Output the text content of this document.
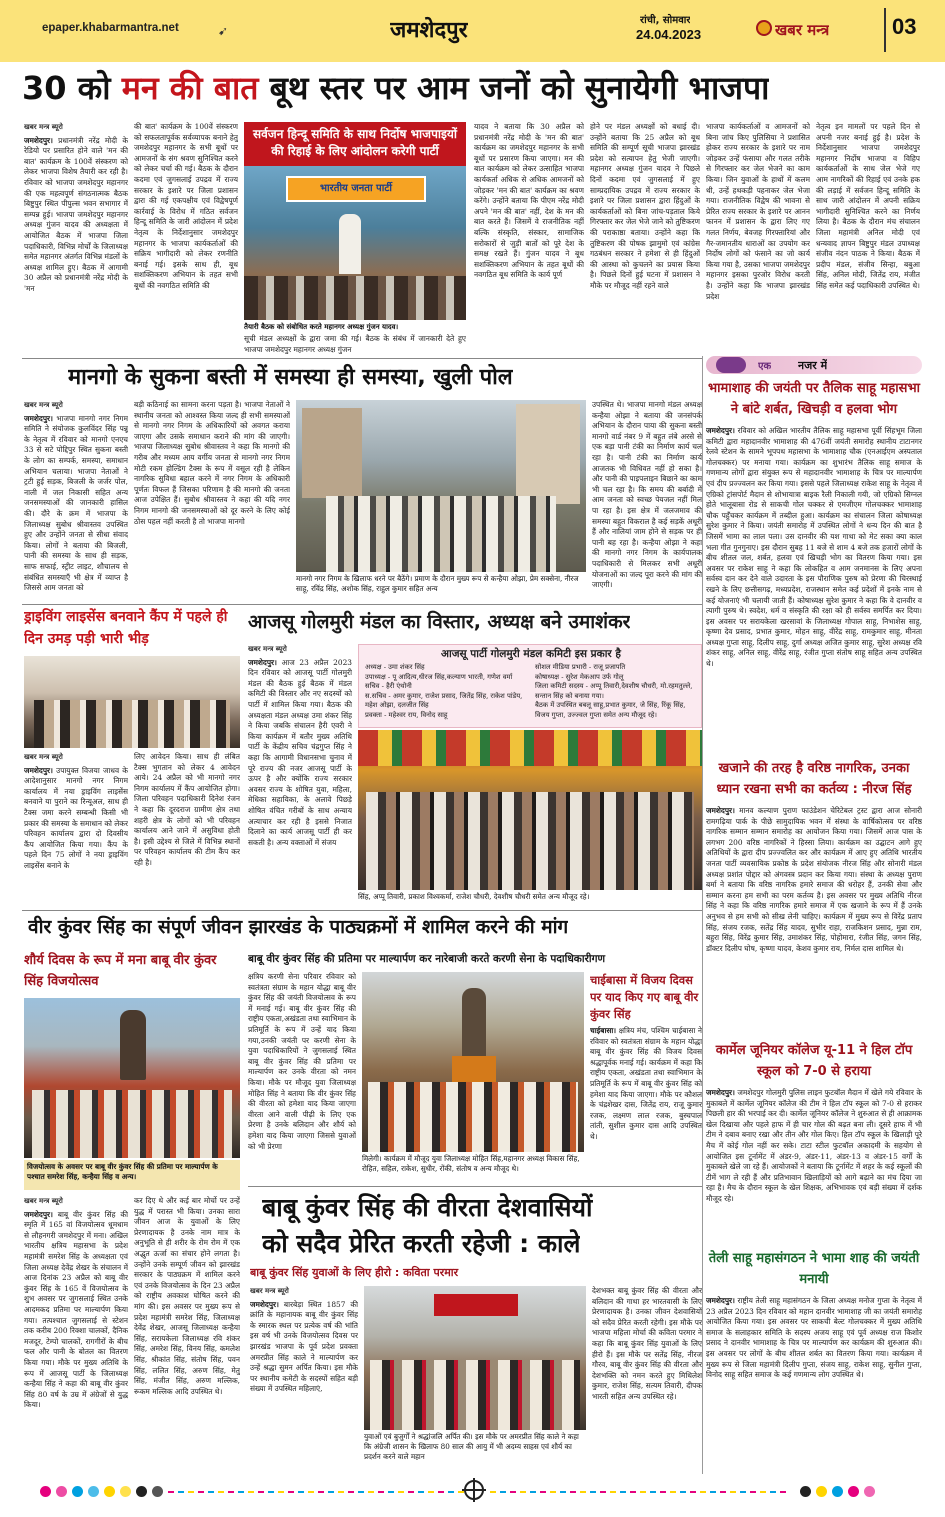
epaper.khabarmantra.net	➹	जमशेदपुर	रांची, सोमवार
24.04.2023	खबर मन्त्र	03
30 को मन की बात बूथ स्तर पर आम जनों को सुनायेगी भाजपा
खबर मन्त्र ब्यूरो
जमशेदपुर। प्रधानमंत्री नरेंद्र मोदी के रेडियो पर प्रसारित होने वाले 'मन की बात' कार्यक्रम के 100वें संस्करण को लेकर भाजपा विशेष तैयारी कर रही है। रविवार को भाजपा जमशेदपुर महानगर की एक महत्वपूर्ण संगठनात्मक बैठक बिष्टुपुर स्थित पीपुल्स भवन सभागार में सम्पन्न हुई। भाजपा जमशेदपुर महानगर अध्यक्ष गुंजन यादव की अध्यक्षता में आयोजित बैठक में भाजपा जिला पदाधिकारी, विभिन्न मोर्चों के जिलाध्यक्ष समेत महानगर अंतर्गत विभिन्न मंडलों के अध्यक्ष शामिल हुए। बैठक में आगामी 30 अप्रैल को प्रधानमंत्री नरेंद्र मोदी के 'मन
की बात' कार्यक्रम के 100वें संस्करण को सफलतापूर्वक सर्वव्यापक बनाने हेतु जमशेदपुर महानगर के सभी बूथों पर आमजनों के संग श्रवण सुनिश्चित करने को लेकर चर्चा की गई। बैठक के दौरान कदमा एवं जुगसलाई उपद्रव में राज्य सरकार के इशारे पर जिला प्रशासन द्वारा की गई एकपक्षीय एवं विद्वेषपूर्ण कार्रवाई के विरोध में गठित सर्वजन हिन्दू समिति के जारी आंदोलन में प्रदेश नेतृत्व के निर्देशानुसार जमशेदपुर महानगर के भाजपा कार्यकर्ताओं की सक्रिय भागीदारी को लेकर रणनीति बनाई गई। इसके साथ ही, बूथ सशक्तिकरण अभियान के तहत सभी बूथों की नवगठित समिति की
सर्वजन हिन्दू समिति के साथ निर्दोष भाजपाइयों की रिहाई के लिए आंदोलन करेगी पार्टी
भारतीय जनता पार्टी
तैयारी बैठक को संबोधित करते महानगर अध्यक्ष गुंजन यादव।
सूची मंडल अध्यक्षों के द्वारा जमा की गई। बैठक के संबंध में जानकारी देते हुए भाजपा जमशेदपुर महानगर अध्यक्ष गुंजन
यादव ने बताया कि 30 अप्रैल को प्रधानमंत्री नरेंद्र मोदी के 'मन की बात' कार्यक्रम का जमशेदपुर महानगर के सभी बूथों पर प्रसारण किया जाएगा। मन की बात कार्यक्रम को लेकर उत्साहित भाजपा कार्यकर्ता अधिक से अधिक आमजनों को जोड़कर 'मन की बात' कार्यक्रम का श्रवण करेंगे। उन्होंने बताया कि पीएम नरेंद्र मोदी अपने 'मन की बात' नहीं, देश के मन की बात करते हैं। जिसमें वे राजनीतिक नहीं बल्कि संस्कृति, संस्कार, सामाजिक सरोकारों से जुड़ी बातों को पूरे देश के समक्ष रखते हैं। गुंजन यादव ने बूथ सशक्तिकरण अभियान के तहत बूथों की नवगठित बूथ समिति के कार्य पूर्ण
होने पर मंडल अध्यक्षों को बधाई दी। उन्होंने बताया कि 25 अप्रैल को बूथ समिति की सम्पूर्ण सूची भाजपा झारखंड प्रदेश को सत्यापन हेतु भेजी जाएगी। महानगर अध्यक्ष गुंजन यादव ने पिछले दिनों कदमा एवं जुगसलाई में हुए साम्प्रदायिक उपद्रव में राज्य सरकार के इशारे पर जिला प्रशासन द्वारा हिंदुओं के कार्यकर्ताओं को बिना जांच-पड़ताल किये गिरफ्तार कर जेल भेजे जाने को तुष्टिकरण की पराकाष्ठा बताया। उन्होंने कहा कि तुष्टिकरण की पोषक झामुमो एवं कांग्रेस गठबंधन सरकार ने हमेशा से ही हिंदुओं की आस्था को कुचलने का प्रयास किया है। पिछले दिनों हुई घटना में प्रशासन ने मौके पर मौजूद नहीं रहने वाले
भाजपा कार्यकर्ताओं व आमजनों को बिना जांच किए पुलिसिया ने प्रशासित होकर राज्य सरकार के इशारे पर नाम जोड़कर उन्हें फंसाया और गलत तरीके से गिरफ्तार कर जेल भेजने का काम किया। जिन युवाओं के हाथों में कलम थी, उन्हें हथकड़ी पहनाकर जेल भेजा गया। राजनीतिक विद्वेष की भावना से प्रेरित राज्य सरकार के इशारे पर आनन फानन में प्रशासन के द्वारा लिए गए गलत निर्णय, बेवजह गिरफ्तारियां और गैर-जमानतीय धाराओं का उपयोग कर निर्दोष लोगों को फंसाने का जो कार्य किया गया है, उसका भाजपा जमशेदपुर महानगर इसका पुरजोर विरोध करती है। उन्होंने कहा कि भाजपा झारखंड प्रदेश
नेतृत्व इन मामलों पर पहले दिन से अपनी नजर बनाई हुई है। प्रदेश के निर्देशानुसार भाजपा जमशेदपुर महानगर निर्दोष भाजपा व विहिप कार्यकर्ताओं के साथ जेल भेजे गए आम नागरिकों की रिहाई एवं उनके हक की लड़ाई में सर्वजन हिन्दू समिति के साथ जारी आंदोलन में अपनी सक्रिय भागीदारी सुनिश्चित करने का निर्णय लिया है। बैठक के दौरान मंच संचालन जिला महामंत्री अनिल मोदी एवं धन्यवाद ज्ञापन बिष्टुपुर मंडल उपाध्यक्ष संजीव नंदन पाठक ने किया। बैठक में प्रदीप मंडल, संजीव सिन्हा, बबुआ सिंह, अनिल मोदी, जितेंद्र राय, मंजीत सिंह समेत कई पदाधिकारी उपस्थित थे।
मानगो के सुकना बस्ती में समस्या ही समस्या, खुली पोल
खबर मन्त्र ब्यूरो
जमशेदपुर। भाजपा मानगो नगर निगम समिति ने संयोजक कुलविंदर सिंह पन्नू के नेतृत्व में रविवार को मानगो एनएच 33 से सटे पोद्दिपुर स्थित सुकना बस्ती के लोग का सम्पर्क, समस्या, समाधान अभियान चलाया। भाजपा नेताओं ने ट्रटी हुई सड़क, बिजली के जर्जर पोल, नाली में जल निकासी सहित अन्य जनसमस्याओं की जानकारी हासिल की। दौरे के क्रम में भाजपा के जिलाध्यक्ष सुबोध श्रीवास्तव उपस्थित हुए और उन्होंने जनता से सीधा संवाद किया। लोगों ने बताया की बिजली, पानी की समस्या के साथ ही सड़क, साफ सफाई, स्ट्रीट लाइट, शौचालय से संबंधित समस्याएँ भी क्षेत्र में व्याप्त है जिससे आम जनता को
बड़ी कठिनाई का सामना करना पड़ता है। भाजपा नेताओं ने स्थानीय जनता को आश्वस्त किया जल्द ही सभी समस्याओं से मानगो नगर निगम के अधिकारियों को अवगत कराया जाएगा और उसके समाधान कराने की मांग की जाएगी। भाजपा जिलाध्यक्ष सुबोध श्रीवास्तव ने कहा कि मानगो की गरीब और मध्यम आय वर्गीय जनता से मानगो नगर निगम मोटी रकम होल्डिंग टैक्स के रूप में वसूल रही है लेकिन नागरिक सुविधा बहाल करने में नगर निगम के अधिकारी पूर्णतः विफल हैं जिसका परिणाम है की मानगो की जनता आज उपेक्षित हैं। सुबोध श्रीवास्तव ने कहा की यदि नगर निगम मानगो की जनसमस्याओं को दूर करने के लिए कोई ठोस पहल नहीं करती है तो भाजपा मानगो
मानगो नगर निगम के खिलाफ धरने पर बैठेंगे। प्रमाण के दौरान मुख्य रूप से कन्हैया ओझा, प्रेम सक्सेना, नीरज साहू, रविंद्र सिंह, अशोक सिंह, राहुल कुमार सहित अन्य
उपस्थित थे। भाजपा मानगो मंडल अध्यक्ष कन्हैया ओझा ने बताया की जनसंपर्क अभियान के दौरान पाया की सुकना बस्ती मानगो वार्ड नंबर 9 में बहुत लंबे अरसे से एक बड़ा पानी टंकी का निर्माण कार्य चल रहा है। पानी टंकी का निर्माण कार्य आजतक भी विधिवत नहीं हो सका है। और पानी की पाइपलाइन बिछाने का काम भी चल रहा है। कि समय की बर्बादी में आम जनता को स्वच्छ पेयजल नहीं मिल पा रहा है। इस क्षेत्र में जलजमाव की समस्या बहुत विकराल है कई सड़कें अधूरी हैं और नालियां जाम होने से सड़क पर ही पानी बह रहा है। कन्हैया ओझा ने कहा की मानगो नगर निगम के कार्यपालक पदाधिकारी से मिलकर सभी अधूरी योजनाओं का जल्द पूरा करने की मांग की जाएगी।
ड्राइविंग लाइसेंस बनवाने कैंप में पहले ही दिन उमड़ पड़ी भारी भीड़
खबर मन्त्र ब्यूरो
जमशेदपुर। उपायुक्त विजया जाधव के आदेशानुसार मानगो नगर निगम कार्यालय में नया ड्राइविंग लाइसेंस बनवाने या पुराने का रिन्यूअल, साथ ही टैक्स जमा करने सम्बन्धी किसी भी प्रकार की समस्या के समाधान को लेकर परिवहन कार्यालय द्वारा दो दिवसीय कैंप आयोजित किया गया। कैंप के पहले दिन 75 लोगों ने नया ड्राइविंग लाइसेंस बनाने के
लिए आवेदन किया। साथ ही लंबित टैक्स भुगतान को लेकर 4 आवेदन आये। 24 अप्रैल को भी मानगो नगर निगम कार्यालय में कैंप आयोजित होगा। जिला परिवहन पदाधिकारी दिनेश रंजन ने कहा कि दूरदराज ग्रामीण क्षेत्र तथा शहरी क्षेत्र के लोगों को भी परिवहन कार्यालय आने जाने में असुविधा होती है। इसी उद्देश्य से जिले में विभिन्न स्थानों पर परिवहन कार्यालय की टीम कैंप कर रही है।
आजसू गोलमुरी मंडल का विस्तार, अध्यक्ष बने उमाशंकर
खबर मन्त्र ब्यूरो
जमशेदपुर। आज 23 अप्रैल 2023 दिन रविवार को आजसू पार्टी गोलमुरी मंडल की बैठक हुई बैठक में मंडल कमिटी की विस्तार और नए सदस्यों को पार्टी में शामिल किया गया। बैठक की अध्यक्षता मंडल अध्यक्ष उमा शंकर सिंह ने किया जबकि संचालन हैरी एवरी ने किया कार्यक्रम में बतौर मुख्य अतिथि पार्टी के केंद्रीय सचिव चंद्रगुप्त सिंह ने कहा कि आगामी विधानसभा चुनाव में पूरे राज्य की नजर आजसू पार्टी के ऊपर है और क्योंकि राज्य सरकार अवसर राज्य के शोषित युवा, महिला, मेधिका सहायिका, के अलावे पिछड़े शोषित वंचित गरीबों के साथ अन्याय अत्याचार कर रही है इससे निजात दिलाने का कार्य आजसू पार्टी ही कर सकती है। अन्य वक्ताओं में संजय
आजसू पार्टी गोलमुरी मंडल कमिटी इस प्रकार है
अध्यक्ष - उमा शंकर सिंह
उपाध्यक्ष - पू आदित्य,धीरज सिंह,कल्याण भारती, गणेश वर्मा
सचिव - हैरी एंथोनी
स.सचिव - अमर कुमार, राजेश प्रसाद, जितेंद्र सिंह, राकेश पांडेय, महेश ओझा, दलजीत सिंह
प्रवक्ता - महेश्वर राय, विनोद साहू
सोशल मीडिया प्रभारी - राजू प्रजापति
कोषाध्यक्ष - सुरेश मेकआप उर्फ गोलू
जिला कमिटी सदस्य - अप्पू तिवारी,देवशीष चौधरी, मो.रहमतुल्ले, सन्तान सिंह को बनाया गया।
बैठक में उपस्थित बबलू साहू,प्रभात कुमार, जे सिंह, रिंकू सिंह, विजय गुप्ता, उज्ज्वल गुप्ता समेत अन्य मौजूद रहे।
सिंह, अप्पू तिवारी, प्रकाश विश्वकर्मा, राजेश चौधरी, देवशीष चौधरी समेत अन्य मौजूद रहे।
एक नजर में
भामाशाह की जयंती पर तैलिक साहू महासभा ने बांटे शर्बत, खिचड़ी व हलवा भोग
जमशेदपुर। रविवार को अखिल भारतीय तैलिक साहू महासभा पूर्वी सिंहभूम जिला कमिटी द्वारा महादानवीर भामाशाह की 476वीं जयंती समारोह स्थानीय टाटानगर रेलवे स्टेशन के सामने भूपपथ महासभा के भामाशाह चौक (एनआईएम अस्पताल गोलचक्कर) पर मनाया गया। कार्यक्रम का शुभारंभ तैलिक साहू समाज के गणमान्य लोगों द्वारा संयुक्त रूप से महादानवीर भामाशाह के चित्र पर माल्यार्पण एवं दीप प्रज्ज्वलन कर किया गया। इससे पहले जिलाध्यक्ष राकेश साहू के नेतृत्व में एग्रिको ट्रांसपोर्ट मैदान से शोभायात्रा बाइक रैली निकाली गयी, जो एग्रिको सिग्नल होते भालूबासा रोड से साकची गोल चक्कर से एमजीएम गोलचक्कर भामाशाह चौक पहुँचकर कार्यक्रम में तब्दील हुआ। कार्यक्रम का संचालन जिला कोषाध्यक्ष सुरेश कुमार ने किया। जयंती समारोह में उपस्थित लोगों ने धन्य दिन की बात है जिसमें भामा का लाल पला। उस दानवीर की यश गाथा को मेट सका क्या काल भला गीत गुनगुनाए। इस दौरान सुबह 11 बजे से शाम 4 बजे तक हजारों लोगों के बीच शीतल जल, शर्बत, हलवा एवं खिचड़ी भोग का वितरण किया गया। इस अवसर पर राकेश साहू ने कहा कि लोकहित व आम जनमानस के लिए अपना सर्वस्व दान कर देने वाले उदारता के इस पौराणिक पुरुष को प्रेरणा की चिरस्थाई रखने के लिए छत्तीसगढ़, मध्यप्रदेश, राजस्थान समेत कई प्रदेशों में इनके नाम से कई योजनाएं भी चलायी जाती हैं। कोषाध्यक्ष सुरेश कुमार ने कहा कि वे दानवीर व त्यागी पुरुष थे। स्वदेश, धर्म व संस्कृति की रक्षा को ही सर्वस्व समर्पित कर दिया। इस अवसर पर सरायकेला खरसावां के जिलाध्यक्ष गोपाल साहू, निभाशेस साहू, कृष्णा देव प्रसाद, प्रभात कुमार, मोहन साहू, वीरेंद्र साहू, रामकुमार साहू, मीनता अध्यक्ष गुप्ता साहू, दिलीप साहू, दुर्गा अध्यक्ष अजित कुमार साहू, सुरेश अध्यक्ष रवि शंकर साहू, अनिल साहू, वीरेंद्र साहू, रंजीत गुप्ता संतोष साहू सहित अन्य उपस्थित थे।
खजाने की तरह है वरिष्ठ नागरिक, उनका ध्यान रखना सभी का कर्तव्य : नीरज सिंह
जमशेदपुर। मानव कल्याण पुराण फाउंडेशन चेरिटेबल ट्रस्ट द्वारा आज सोनारी रामगढ़िया पार्क के पीछे सामुदायिक भवन में संस्था के वार्षिकोत्सव पर वरिष्ठ नागरिक सम्मान सम्मान समारोह का आयोजन किया गया। जिसमें आज पास के लगभग 200 वरिष्ठ नागरिकों ने हिस्सा लिया। कार्यक्रम का उद्घाटन आगे हुए अतिथियों के द्वारा दीप प्रज्ज्वलित कर और कार्यक्रम में आए हुए अतिथि भारतीय जनता पार्टी व्यवसायिक प्रकोष्ठ के प्रदेश संयोजक नीरज सिंह और सोनारी मंडल अध्यक्ष प्रशांत पोद्दार को अंगवस्त्र प्रदान कर किया गया। संस्था के अध्यक्ष पुराण बर्मा ने बताया कि वरिष्ठ नागरिक हमारे समाज की धरोहर हैं, उनकी सेवा और सम्मान करना हम सभी का परम कर्तव्य है। इस अवसर पर मुख्य अतिथि नीरज सिंह ने कहा कि वरिष्ठ नागरिक हमारे समाज में एक खजाने के रूप में हैं उनके अनुभव से हम सभी को सीख लेनी चाहिए। कार्यक्रम में मुख्य रूप से विरेंद्र प्रताप सिंह, संजय रजक, सतेंद्र सिंह यादव, सुभीर राहा, राजकिशन प्रसाद, मुन्ना राम, बहुरा सिंह, विरेंद्र कुमार सिंह, उमाशंकर सिंह, पोहोमारा, रंजीत सिंह, जगन सिंह, डॉक्टर दिलीप घोष, कृष्णा यादव, केशव कुमार राय, निर्मल दास शामिल थे।
कार्मेल जूनियर कॉलेज यू-11 ने हिल टॉप स्कूल को 7-0 से हराया
जमशेदपुर। जमशेदपुर गोलमुरी पुलिस लाइन फुटबॉल मैदान में खेले गये रविवार के मुकाबले में कार्मेल जूनियर कॉलेज की टीम ने हिल टॉप स्कूल को 7-0 से हराकर पिछली हार की भरपाई कर दी। कार्मेल जूनियर कॉलेज ने शुरुआत से ही आक्रामक खेल दिखाया और पहले हाफ में ही चार गोल की बढ़त बना ली। दूसरे हाफ में भी टीम ने दबाव बनाए रखा और तीन और गोल किए। हिल टॉप स्कूल के खिलाड़ी पूरे मैच में कोई गोल नहीं कर सके। टाटा स्टील फुटबॉल अकादमी के सहयोग से आयोजित इस टूर्नामेंट में अंडर-9, अंडर-11, अंडर-13 व अंडर-15 वर्गों के मुकाबले खेले जा रहे हैं। आयोजकों ने बताया कि टूर्नामेंट में शहर के कई स्कूलों की टीमें भाग ले रही हैं और प्रतिभावान खिलाड़ियों को आगे बढ़ाने का मंच दिया जा रहा है। मैच के दौरान स्कूल के खेल शिक्षक, अभिभावक एवं बड़ी संख्या में दर्शक मौजूद रहे।
तेली साहू महासंगठन ने भामा शाह की जयंती मनायी
जमशेदपुर। राष्ट्रीय तेली साहू महासंगठन के जिला अध्यक्ष मनोज गुप्ता के नेतृत्व में 23 अप्रैल 2023 दिन रविवार को महान दानवीर भामाशाह जी का जयंती समारोह आयोजित किया गया। इस अवसर पर साकची बेल्ट गोलचक्कर में मुख्य अतिथि समाज के सलाहकार समिति के सदस्य अजय साहू एवं पूर्व अध्यक्ष राज किशोर प्रसाद ने दानवीर भामाशाह के चित्र पर माल्यार्पण कर कार्यक्रम की शुरुआत की। इस अवसर पर लोगों के बीच शीतल शर्बत का वितरण किया गया। कार्यक्रम में मुख्य रूप से जिला महामंत्री दिलीप गुप्ता, संजय साहू, राकेश साहू, सुनील गुप्ता, विनोद साहू सहित समाज के कई गणमान्य लोग उपस्थित थे।
वीर कुंवर सिंह का संपूर्ण जीवन झारखंड के पाठ्यक्रमों में शामिल करने की मांग
शौर्य दिवस के रूप में मना बाबू वीर कुंवर सिंह विजयोत्सव
विजयोत्सव के अवसर पर बाबू वीर कुंवर सिंह की प्रतिमा पर माल्यार्पण के पश्चात समरेश सिंह, कन्हैया सिंह व अन्य।
खबर मन्त्र ब्यूरो
जमशेदपुर। बाबू वीर कुंवर सिंह की स्मृति में 165 वां विजयोत्सव धूमधाम से लौहनगरी जमशेदपुर में मना। अखिल भारतीय क्षत्रिय महासभा के प्रदेश महामंत्री समरेश सिंह के अध्यक्षता एवं जिला अध्यक्ष देवेंद्र शेखर के संचालन में आज दिनांक 23 अप्रैल को बाबू वीर कुंवर सिंह के 165 वें विजयोत्सव के शुभ अवसर पर जुगसलाई स्थित उनके आदमकद प्रतिमा पर माल्यार्पण किया गया। तत्पश्चात जुगसलाई से स्टेशन तक करीब 200 रिक्शा चालकों, दैनिक मजदूर, टेम्पो चालकों, रागगीरों के बीच फल और पानी के बोतल का वितरण किया गया। मौके पर मुख्य अतिथि के रूप में आजसू पार्टी के जिलाध्यक्ष कन्हैया सिंह ने कहा की बाबू वीर कुंवर सिंह 80 वर्ष के उम्र में अंग्रेजों से युद्ध किया।
कर दिए थे और कई बार मोर्चो पर उन्हें युद्ध में परास्त भी किया। उनका सारा जीवन आज के युवाओं के लिए प्रेरणादायक है उनके नाम मात्र के अनुभूति से ही शरीर के रोम रोम में एक अद्भुत ऊर्जा का संचार होने लगता है। उन्होंने उनके सम्पूर्ण जीवन को झारखंड सरकार के पाठ्यक्रम में शामिल करने एवं उनके विजयोत्सव के दिन 23 अप्रैल को राष्ट्रीय अवकाश घोषित करने की मांग की। इस अवसर पर मुख्य रूप से प्रदेश महामंत्री समरेश सिंह, जिलाध्यक्ष देवेंद्र शेखर, आजसू जिलाध्यक्ष कन्हैया सिंह, सरायकेला जिलाध्यक्ष रवि शंकर सिंह, अमरेश सिंह, विनय सिंह, कमलेश सिंह, श्रीकांत सिंह, संतोष सिंह, पवन सिंह, ललित सिंह, अरुण सिंह, मेतु सिंह, मंजीत सिंह, अरुण मल्लिक, रूकम मल्लिक आदि उपस्थित थे।
बाबू वीर कुंवर सिंह की प्रतिमा पर माल्यार्पण कर नारेबाजी करते करणी सेना के पदाधिकारीगण
क्षत्रिय करणी सेना परिवार रविवार को स्वतंत्रता संग्राम के महान योद्धा बाबू वीर कुंवर सिंह की जयंती विजयोत्सव के रूप में मनाई गई। बाबू वीर कुंवर सिंह की राष्ट्रीय एकता,अखंडता तथा स्वाभिमान के प्रतिमूर्ति के रूप में उन्हें याद किया गया,उनकी जयंती पर करणी सेना के युवा पदाधिकारियों ने जुगसलाई स्थित बाबू वीर कुंवर सिंह की प्रतिमा पर माल्यार्पण कर उनके वीरता को नमन किया। मौके पर मौजूद युवा जिलाध्यक्ष मोहित सिंह ने बताया कि वीर कुंवर सिंह की वीरता को हमेशा याद किया जाएगा वीरता आने वाली पीढ़ी के लिए एक प्रेरणा है उनके बलिदान और शौर्य को हमेशा याद किया जाएगा जिससे युवाओं को भी प्रेरणा
मिलेगी। कार्यक्रम में मौजूद युवा जिलाध्यक्ष मोहित सिंह,महानगर अध्यक्ष विकास सिंह, रोहित, सहिल, राकेश, सुधीर, रोंकी, संतोष व अन्य मौजूद थे।
चाईबासा में विजय दिवस पर याद किए गए बाबू वीर कुंवर सिंह
चाईबासा। क्षत्रिय मंच, पश्चिम चाईबासा ने रविवार को स्वतंत्रता संग्राम के महान योद्धा बाबू वीर कुंवर सिंह की विजय दिवस श्रद्धापूर्वक मनाई गई। कार्यक्रम में कहा कि राष्ट्रीय एकता, अखंडता तथा स्वाभिमान के प्रतिमूर्ति के रूप में बाबू वीर कुंवर सिंह को हमेशा याद किया जाएगा। मौके पर कौशल के चंद्रशेखर दास, जितेंद्र राय, राजू कुमार रजक, लक्ष्मण लाल रजक, बुस्चपाल तांती, सुशील कुमार दास आदि उपस्थित थे।
बाबू कुंवर सिंह की वीरता देशवासियों
को सदैव प्रेरित करती रहेजी : काले
बाबू कुंवर सिंह युवाओं के लिए हीरो : कविता परमार
खबर मन्त्र ब्यूरो
जमशेदपुर। बारबेड़ा स्थित 1857 की क्रांति के महानायक बाबू वीर कुंवर सिंह के स्मारक स्थल पर प्रत्येक वर्ष की भांति इस वर्ष भी उनके विजयोत्सव दिवस पर झारखंड भाजपा के पूर्व प्रदेश प्रवक्ता अमरप्रीत सिंह काले ने माल्यार्पण कर उन्हें श्रद्धा सुमन अर्पित किया। इस मौके पर स्थानीय कमेटी के सदस्यों सहित बड़ी संख्या में उपस्थित महिलाएं,
युवाओं एवं बुजुर्गों ने श्रद्धांजलि अर्पित की। इस मौके पर अमरप्रीत सिंह काले ने कहा कि अंग्रेजी शासन के खिलाफ 80 साल की आयु में भी अदम्य साहस एवं शौर्य का प्रदर्शन करने वाले महान
देशभक्त बाबू कुंवर सिंह की वीरता और बलिदान की गाथा हर भारतवासी के लिए प्रेरणादायक है। उनका जीवन देशवासियों को सदैव प्रेरित करती रहेगी। इस मौके पर भाजपा महिला मोर्चा की कविता परमार ने कहा कि बाबू कुंवर सिंह युवाओं के लिए हीरो हैं। इस मौके पर सतेंद्र सिंह, नीरज गौरव, बाबू वीर कुंवर सिंह की वीरता और देशभक्ति को नमन करते हुए मिथिलेश कुमार, राजेश सिंह, सत्यम तिवारी, दीपक भारती सहित अन्य उपस्थित रहे।
